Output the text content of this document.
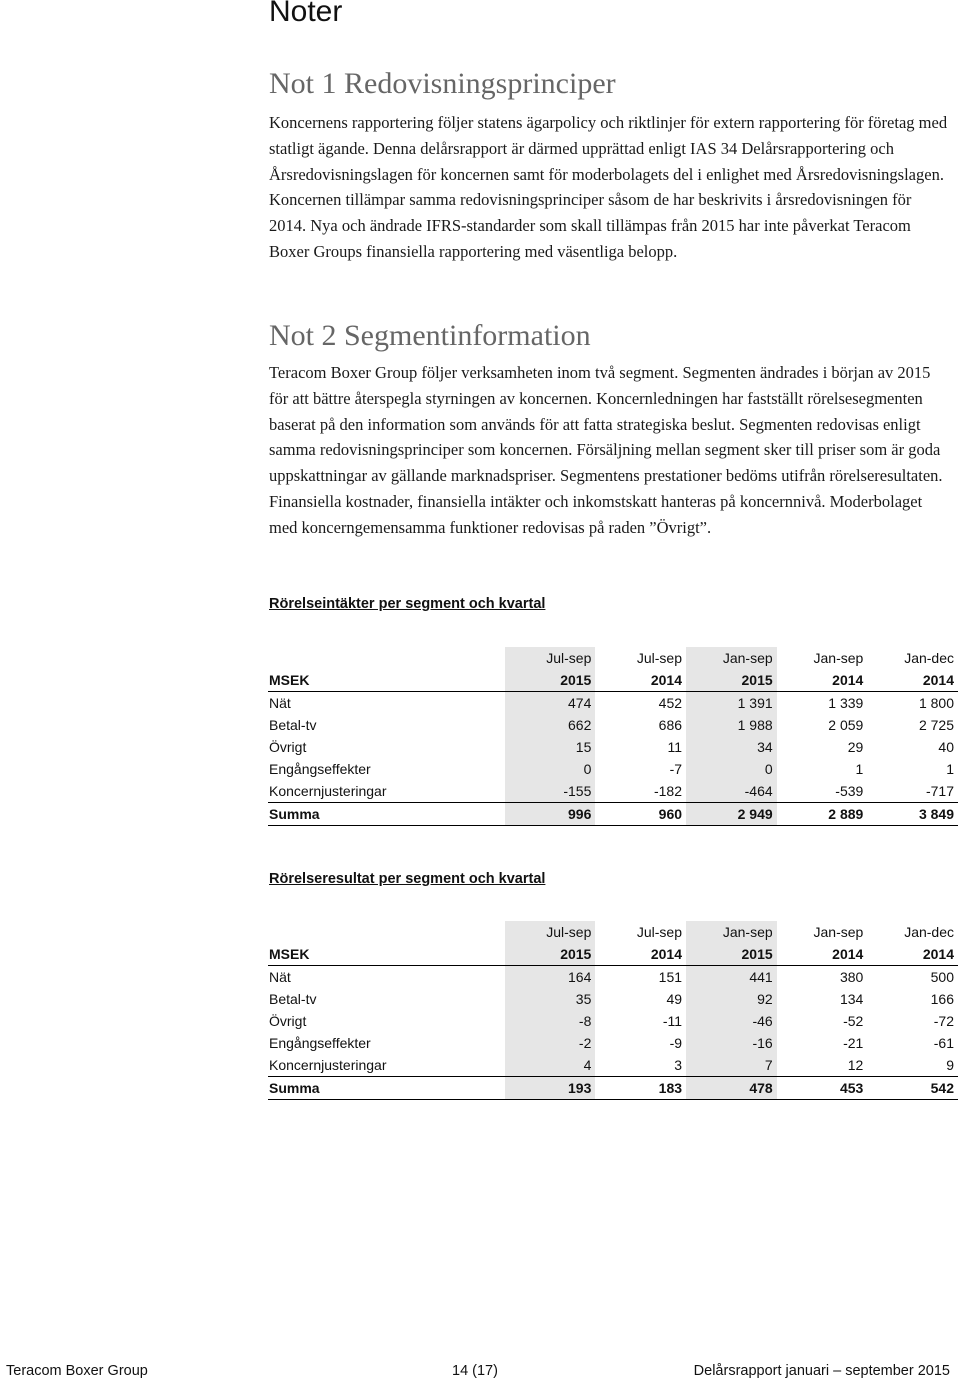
Noter
Not 1 Redovisningsprinciper

Koncernens rapportering följer statens ägarpolicy och riktlinjer för extern rapportering för företag med statligt ägande. Denna delårsrapport är därmed upprättad enligt IAS 34 Delårsrapportering och Årsredovisningslagen för koncernen samt för moderbolagets del i enlighet med Årsredovisningslagen. Koncernen tillämpar samma redovisningsprinciper såsom de har beskrivits i årsredovisningen för 2014. Nya och ändrade IFRS-standarder som skall tillämpas från 2015 har inte påverkat Teracom Boxer Groups finansiella rapportering med väsentliga belopp.

Not 2 Segmentinformation

Teracom Boxer Group följer verksamheten inom två segment. Segmenten ändrades i början av 2015 för att bättre återspegla styrningen av koncernen. Koncernledningen har fastställt rörelsesegmenten baserat på den information som används för att fatta strategiska beslut. Segmenten redovisas enligt samma redovisningsprinciper som koncernen. Försäljning mellan segment sker till priser som är goda uppskattningar av gällande marknadspriser. Segmentens prestationer bedöms utifrån rörelseresultaten. Finansiella kostnader, finansiella intäkter och inkomstskatt hanteras på koncernnivå. Moderbolaget med koncerngemensamma funktioner redovisas på raden ”Övrigt”.

Rörelseintäkter per segment och kvartal

	Jul-sep	Jul-sep	Jan-sep	Jan-sep	Jan-dec
MSEK	2015	2014	2015	2014	2014
Nät	474	452	1 391	1 339	1 800
Betal-tv	662	686	1 988	2 059	2 725
Övrigt	15	11	34	29	40
Engångseffekter	0	-7	0	1	1
Koncernjusteringar	-155	-182	-464	-539	-717
Summa	996	960	2 949	2 889	3 849

Rörelseresultat per segment och kvartal

	Jul-sep	Jul-sep	Jan-sep	Jan-sep	Jan-dec
MSEK	2015	2014	2015	2014	2014
Nät	164	151	441	380	500
Betal-tv	35	49	92	134	166
Övrigt	-8	-11	-46	-52	-72
Engångseffekter	-2	-9	-16	-21	-61
Koncernjusteringar	4	3	7	12	9
Summa	193	183	478	453	542

Teracom Boxer Group	14 (17)	Delårsrapport januari – september 2015
